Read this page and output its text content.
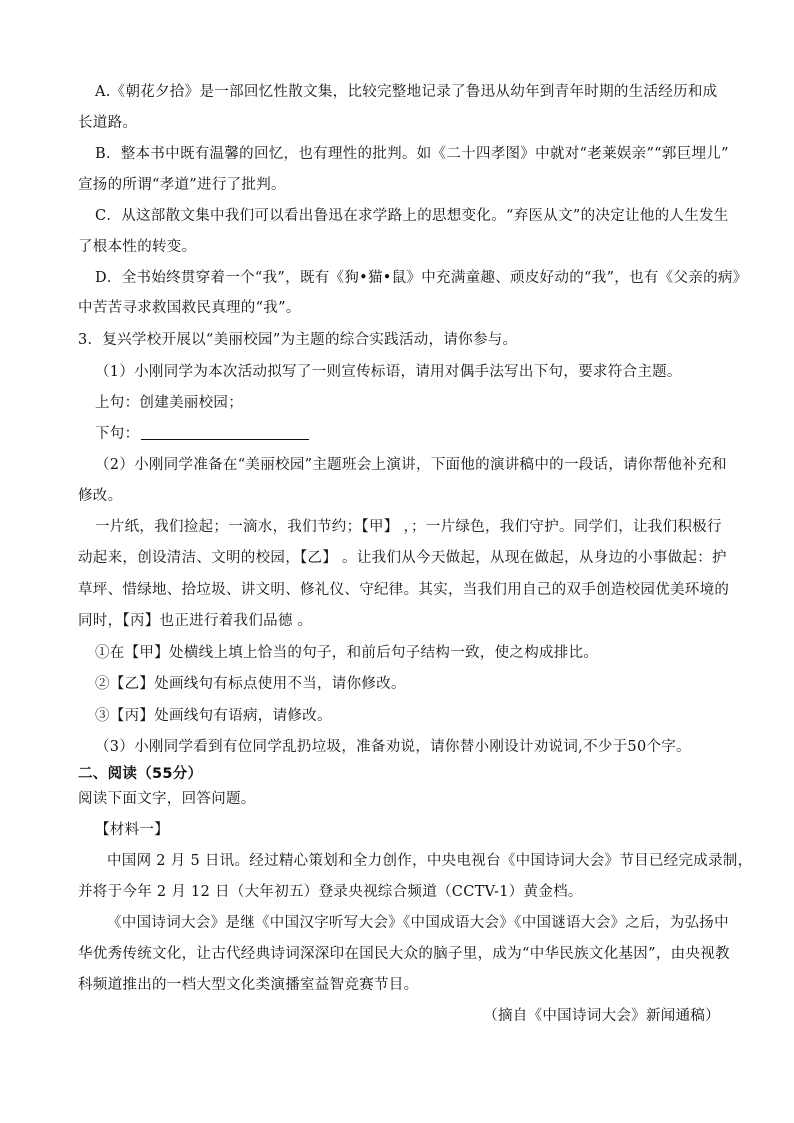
A.《朝花夕拾》是一部回忆性散文集，比较完整地记录了鲁迅从幼年到青年时期的生活经历和成
长道路。
B．整本书中既有温馨的回忆，也有理性的批判。如《二十四孝图》中就对“老莱娱亲”“郭巨埋儿”
宣扬的所谓“孝道”进行了批判。
C．从这部散文集中我们可以看出鲁迅在求学路上的思想变化。“弃医从文”的决定让他的人生发生
了根本性的转变。
D．全书始终贯穿着一个“我”，既有《狗•猫•鼠》中充满童趣、顽皮好动的“我”，也有《父亲的病》
中苦苦寻求救国救民真理的“我”。
3．复兴学校开展以“美丽校园”为主题的综合实践活动，请你参与。
（1）小刚同学为本次活动拟写了一则宣传标语，请用对偶手法写出下句，要求符合主题。
上句：创建美丽校园；
下句：
（2）小刚同学准备在“美丽校园”主题班会上演讲，下面他的演讲稿中的一段话，请你帮他补充和
修改。
一片纸，我们捡起；一滴水，我们节约；【甲】 ，；一片绿色，我们守护。同学们，让我们积极行
动起来，创设清洁、文明的校园，【乙】 。让我们从今天做起，从现在做起，从身边的小事做起：护
草坪、惜绿地、拾垃圾、讲文明、修礼仪、守纪律。其实，当我们用自己的双手创造校园优美环境的
同时，【丙】也正进行着我们品德 。
①在【甲】处横线上填上恰当的句子，和前后句子结构一致，使之构成排比。
②【乙】处画线句有标点使用不当，请你修改。
③【丙】处画线句有语病，请修改。
（3）小刚同学看到有位同学乱扔垃圾，准备劝说，请你替小刚设计劝说词,不少于50个字。
二、阅读（55分）
阅读下面文字，回答问题。
【材料一】
中国网 2 月 5 日讯。经过精心策划和全力创作，中央电视台《中国诗词大会》节目已经完成录制，
并将于今年 2 月 12 日（大年初五）登录央视综合频道（CCTV-1）黄金档。
《中国诗词大会》是继《中国汉字听写大会》《中国成语大会》《中国谜语大会》之后，为弘扬中
华优秀传统文化，让古代经典诗词深深印在国民大众的脑子里，成为“中华民族文化基因”，由央视教
科频道推出的一档大型文化类演播室益智竞赛节目。
（摘自《中国诗词大会》新闻通稿）
